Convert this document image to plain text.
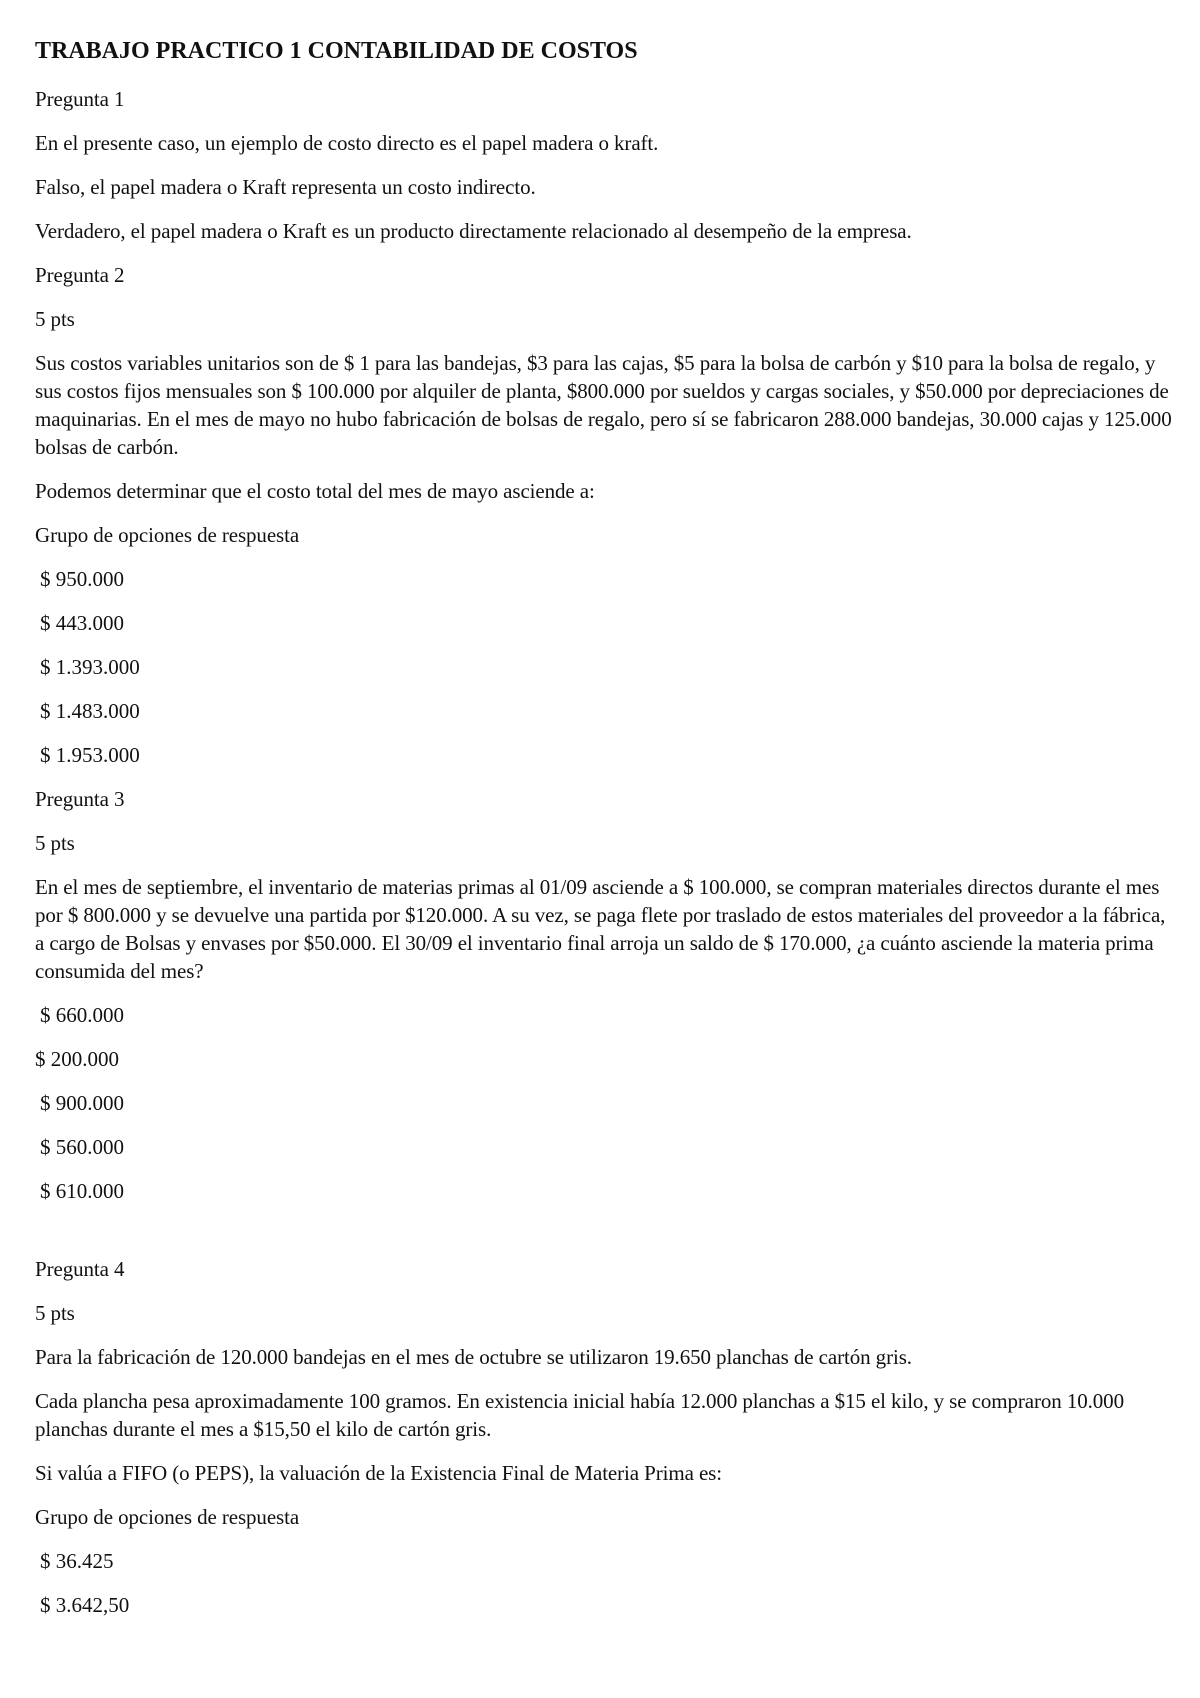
TRABAJO PRACTICO 1 CONTABILIDAD DE COSTOS
Pregunta 1
En el presente caso, un ejemplo de costo directo es el papel madera o kraft.
Falso, el papel madera o Kraft representa un costo indirecto.
Verdadero, el papel madera o Kraft es un producto directamente relacionado al desempeño de la empresa.
Pregunta 2
5 pts
Sus costos variables unitarios son de $ 1 para las bandejas, $3 para las cajas, $5 para la bolsa de carbón y $10 para la bolsa de regalo, y sus costos fijos mensuales son $ 100.000 por alquiler de planta, $800.000 por sueldos y cargas sociales, y $50.000 por depreciaciones de maquinarias. En el mes de mayo no hubo fabricación de bolsas de regalo, pero sí se fabricaron 288.000 bandejas, 30.000 cajas y 125.000 bolsas de carbón.
Podemos determinar que el costo total del mes de mayo asciende a:
Grupo de opciones de respuesta
$ 950.000
$ 443.000
$ 1.393.000
$ 1.483.000
$ 1.953.000
Pregunta 3
5 pts
En el mes de septiembre, el inventario de materias primas al 01/09 asciende a $ 100.000, se compran materiales directos durante el mes por $ 800.000 y se devuelve una partida por $120.000. A su vez, se paga flete por traslado de estos materiales del proveedor a la fábrica, a cargo de Bolsas y envases por $50.000. El 30/09 el inventario final arroja un saldo de $ 170.000, ¿a cuánto asciende la materia prima consumida del mes?
$ 660.000
$ 200.000
$ 900.000
$ 560.000
$ 610.000
Pregunta 4
5 pts
Para la fabricación de 120.000 bandejas en el mes de octubre se utilizaron 19.650 planchas de cartón gris.
Cada plancha pesa aproximadamente 100 gramos. En existencia inicial había 12.000 planchas a $15 el kilo, y se compraron 10.000 planchas durante el mes a $15,50 el kilo de cartón gris.
Si valúa a FIFO (o PEPS), la valuación de la Existencia Final de Materia Prima es:
Grupo de opciones de respuesta
$ 36.425
$ 3.642,50
